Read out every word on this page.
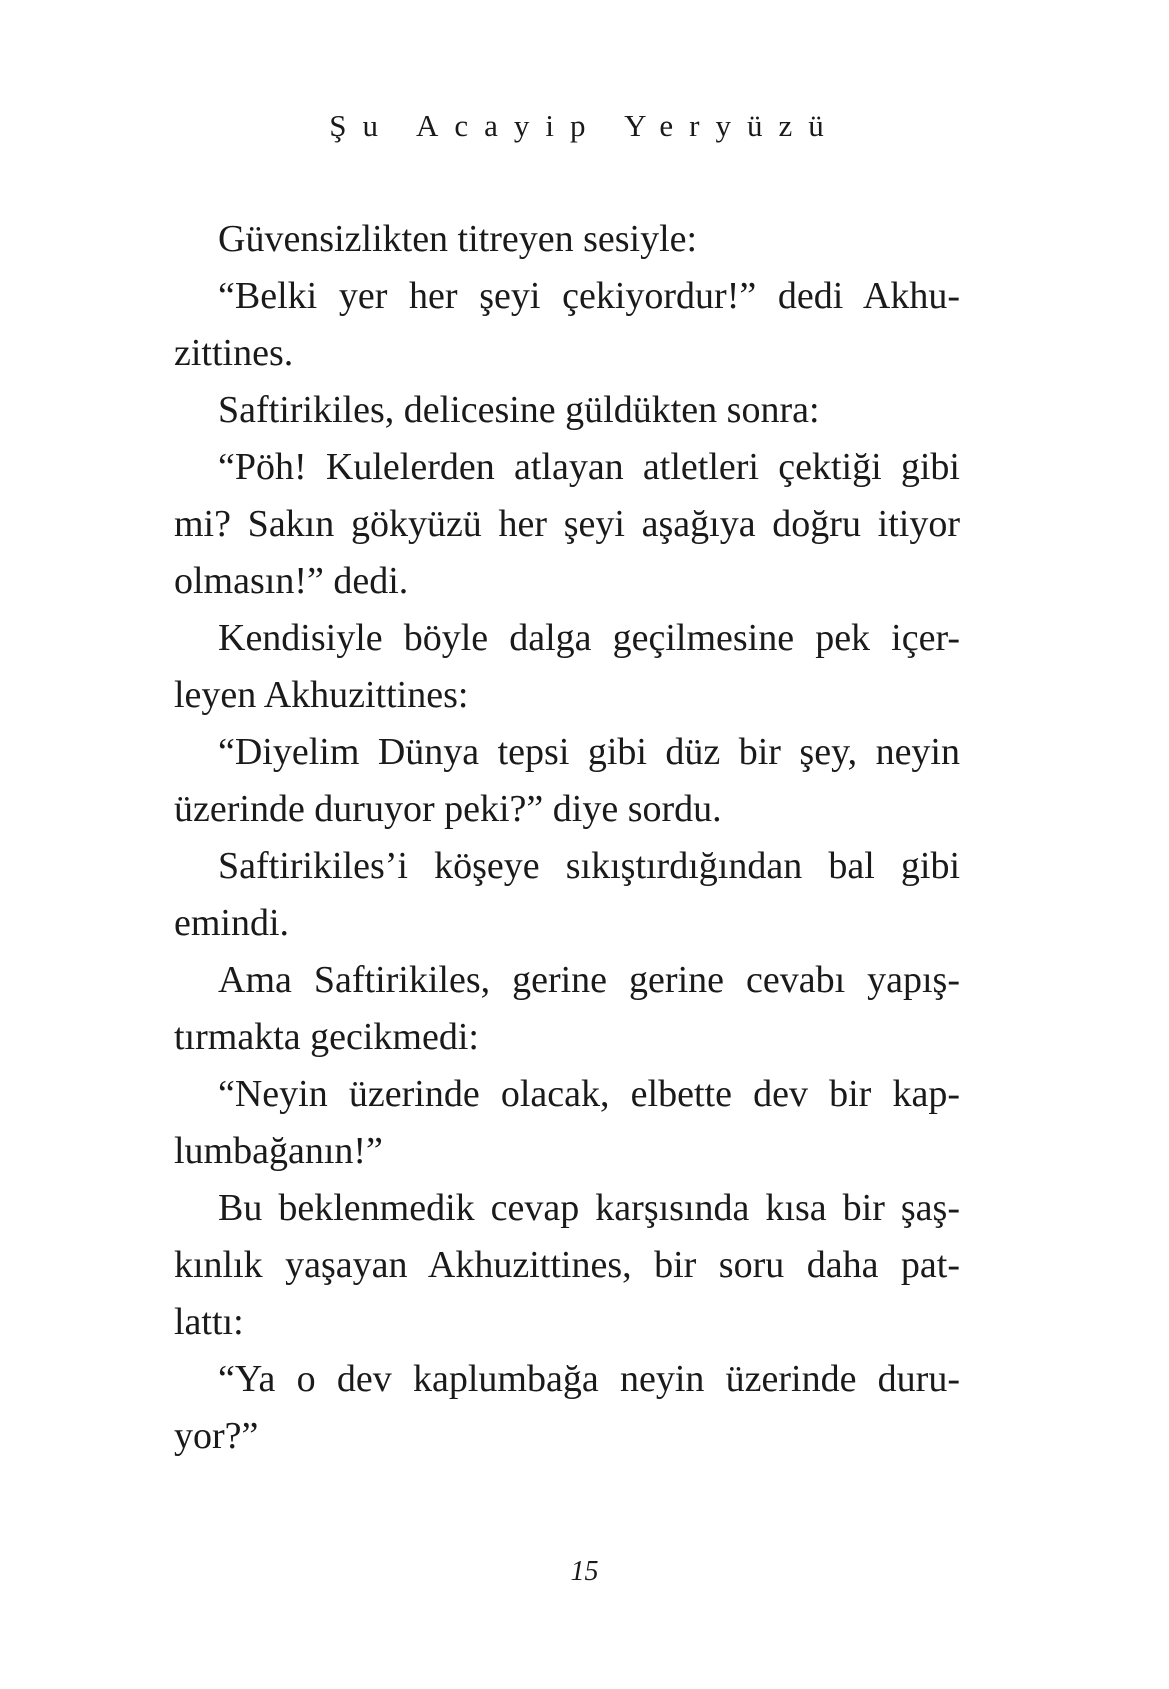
Şu Acayip Yeryüzü
Güvensizlikten titreyen sesiyle:
“Belki yer her şeyi çekiyordur!” dedi Akhu-
zittines.
Saftirikiles, delicesine güldükten sonra:
“Pöh! Kulelerden atlayan atletleri çektiği gibi
mi? Sakın gökyüzü her şeyi aşağıya doğru itiyor
olmasın!” dedi.
Kendisiyle böyle dalga geçilmesine pek içer-
leyen Akhuzittines:
“Diyelim Dünya tepsi gibi düz bir şey, neyin
üzerinde duruyor peki?” diye sordu.
Saftirikiles’i köşeye sıkıştırdığından bal gibi
emindi.
Ama Saftirikiles, gerine gerine cevabı yapış-
tırmakta gecikmedi:
“Neyin üzerinde olacak, elbette dev bir kap-
lumbağanın!”
Bu beklenmedik cevap karşısında kısa bir şaş-
kınlık yaşayan Akhuzittines, bir soru daha pat-
lattı:
“Ya o dev kaplumbağa neyin üzerinde duru-
yor?”
15
